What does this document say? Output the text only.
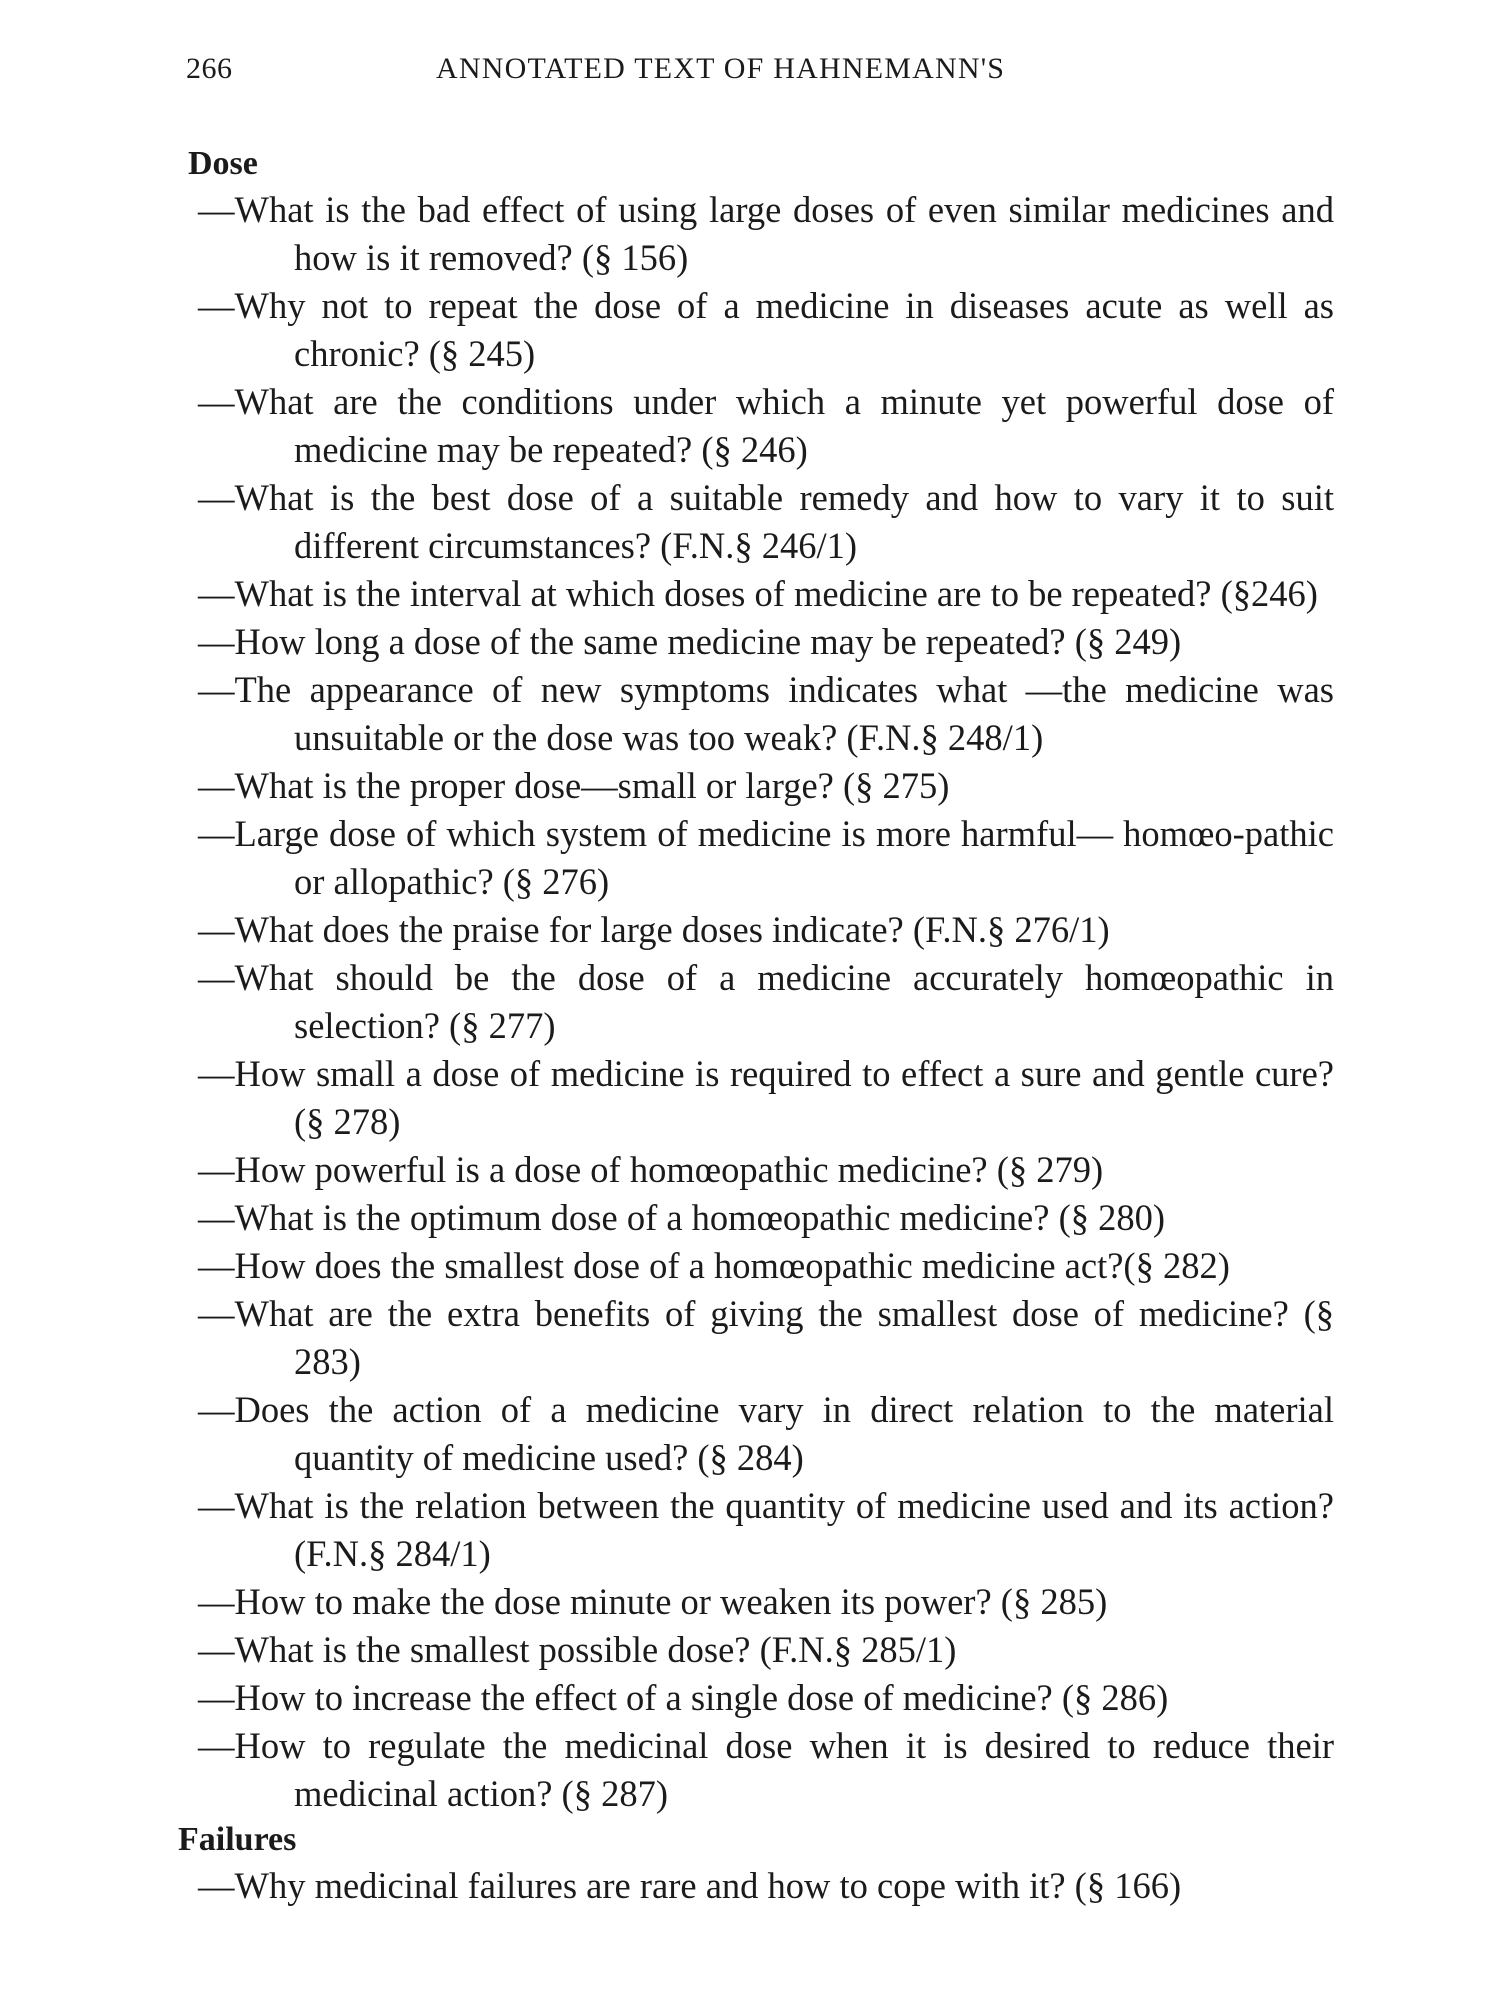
266	ANNOTATED TEXT OF HAHNEMANN'S
Dose
—What is the bad effect of using large doses of even similar medicines and how is it removed? (§ 156)
—Why not to repeat the dose of a medicine in diseases acute as well as chronic? (§ 245)
—What are the conditions under which a minute yet powerful dose of medicine may be repeated? (§ 246)
—What is the best dose of a suitable remedy and how to vary it to suit different circumstances? (F.N.§ 246/1)
—What is the interval at which doses of medicine are to be repeated? (§246)
—How long a dose of the same medicine may be repeated? (§ 249)
—The appearance of new symptoms indicates what —the medicine was unsuitable or the dose was too weak? (F.N.§ 248/1)
—What is the proper dose—small or large? (§ 275)
—Large dose of which system of medicine is more harmful— homœo-pathic or allopathic? (§ 276)
—What does the praise for large doses indicate? (F.N.§ 276/1)
—What should be the dose of a medicine accurately homœopathic in selection? (§ 277)
—How small a dose of medicine is required to effect a sure and gentle cure? (§ 278)
—How powerful is a dose of homœopathic medicine? (§ 279)
—What is the optimum dose of a homœopathic medicine? (§ 280)
—How does the smallest dose of a homœopathic medicine act?(§ 282)
—What are the extra benefits of giving the smallest dose of medicine? (§ 283)
—Does the action of a medicine vary in direct relation to the material quantity of medicine used? (§ 284)
—What is the relation between the quantity of medicine used and its action? (F.N.§ 284/1)
—How to make the dose minute or weaken its power? (§ 285)
—What is the smallest possible dose? (F.N.§ 285/1)
—How to increase the effect of a single dose of medicine? (§ 286)
—How to regulate the medicinal dose when it is desired to reduce their medicinal action? (§ 287)
Failures
—Why medicinal failures are rare and how to cope with it? (§ 166)
